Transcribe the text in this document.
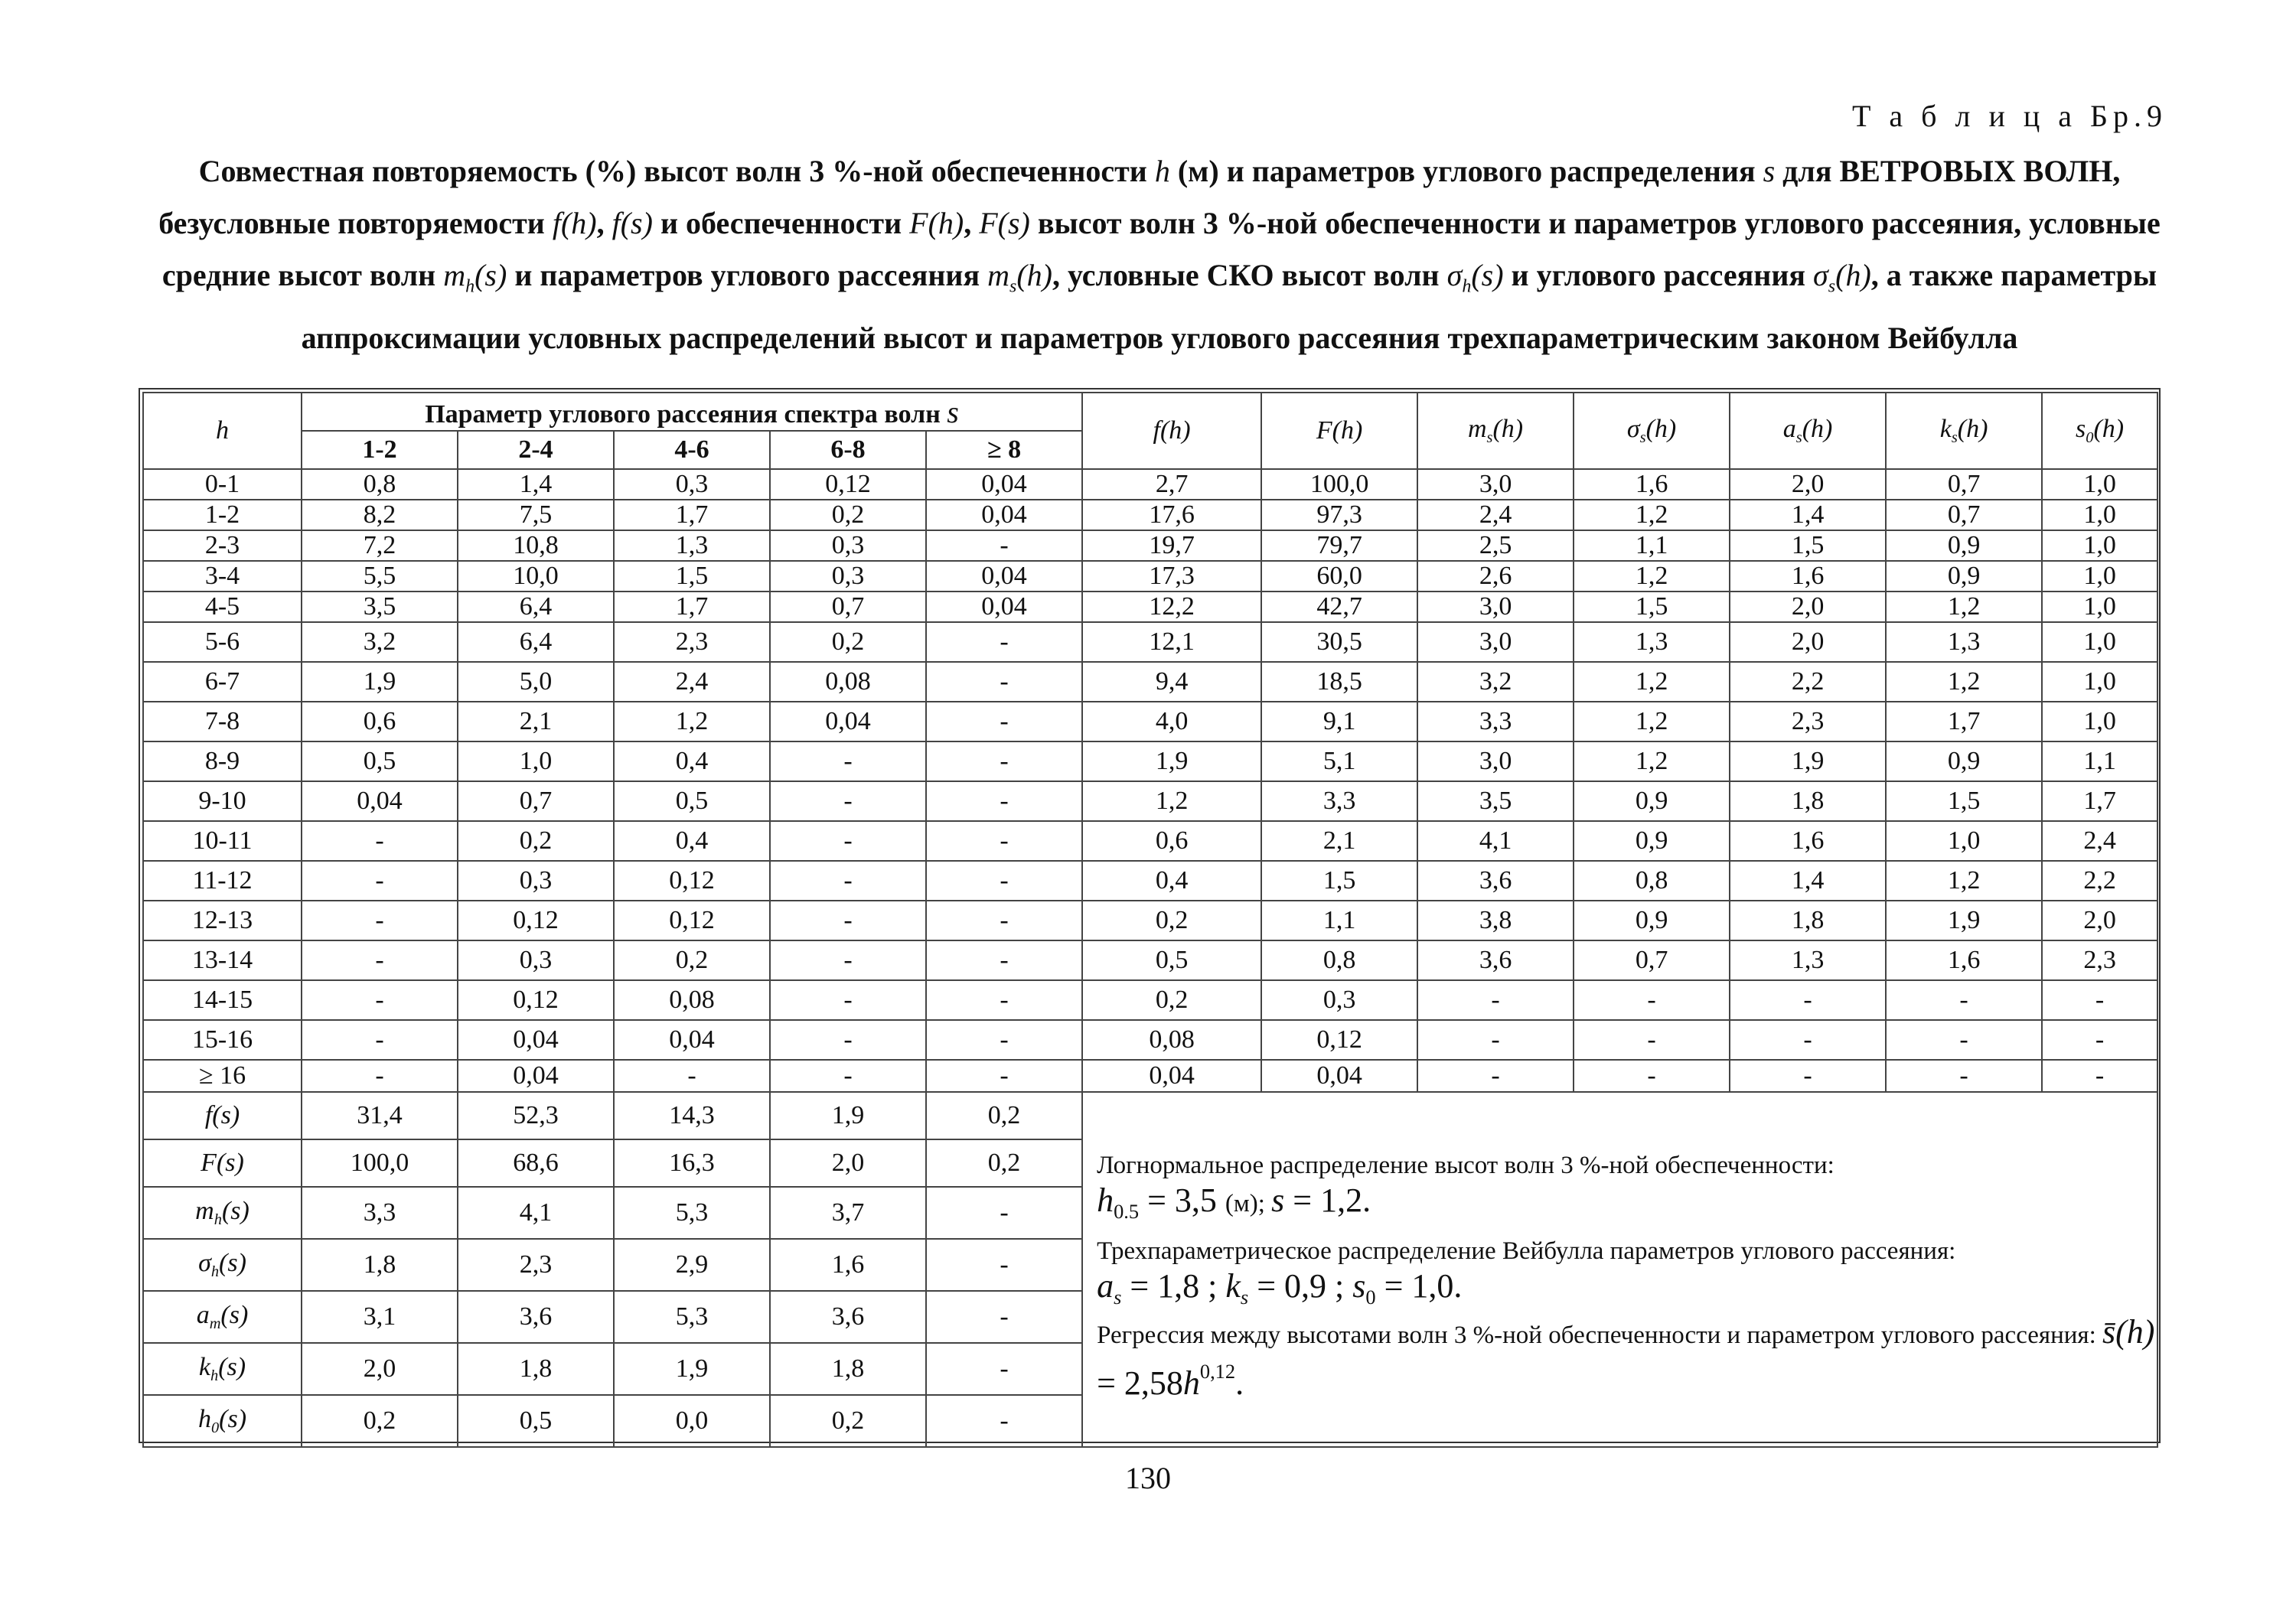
Т а б л и ц а Бр.9
Совместная повторяемость (%) высот волн 3 %-ной обеспеченности h (м) и параметров углового распределения s для ВЕТРОВЫХ ВОЛН, безусловные повторяемости f(h), f(s) и обеспеченности F(h), F(s) высот волн 3 %-ной обеспеченности и параметров углового рассеяния, условные средние высот волн $m_h(s)$ и параметров углового рассеяния $m_s(h)$, условные СКО высот волн $\sigma_h(s)$ и углового рассеяния $\sigma_s(h)$, а также параметры аппроксимации условных распределений высот и параметров углового рассеяния трехпараметрическим законом Вейбулла
h	Параметр углового рассеяния спектра волн s					f(h)	F(h)	$m_s(h)$	$\sigma_s(h)$	$a_s(h)$	$k_s(h)$	$s_0(h)$
	1-2	2-4	4-6	6-8	≥ 8							
0-1	0,8	1,4	0,3	0,12	0,04	2,7	100,0	3,0	1,6	2,0	0,7	1,0
1-2	8,2	7,5	1,7	0,2	0,04	17,6	97,3	2,4	1,2	1,4	0,7	1,0
2-3	7,2	10,8	1,3	0,3	-	19,7	79,7	2,5	1,1	1,5	0,9	1,0
3-4	5,5	10,0	1,5	0,3	0,04	17,3	60,0	2,6	1,2	1,6	0,9	1,0
4-5	3,5	6,4	1,7	0,7	0,04	12,2	42,7	3,0	1,5	2,0	1,2	1,0
5-6	3,2	6,4	2,3	0,2	-	12,1	30,5	3,0	1,3	2,0	1,3	1,0
6-7	1,9	5,0	2,4	0,08	-	9,4	18,5	3,2	1,2	2,2	1,2	1,0
7-8	0,6	2,1	1,2	0,04	-	4,0	9,1	3,3	1,2	2,3	1,7	1,0
8-9	0,5	1,0	0,4	-	-	1,9	5,1	3,0	1,2	1,9	0,9	1,1
9-10	0,04	0,7	0,5	-	-	1,2	3,3	3,5	0,9	1,8	1,5	1,7
10-11	-	0,2	0,4	-	-	0,6	2,1	4,1	0,9	1,6	1,0	2,4
11-12	-	0,3	0,12	-	-	0,4	1,5	3,6	0,8	1,4	1,2	2,2
12-13	-	0,12	0,12	-	-	0,2	1,1	3,8	0,9	1,8	1,9	2,0
13-14	-	0,3	0,2	-	-	0,5	0,8	3,6	0,7	1,3	1,6	2,3
14-15	-	0,12	0,08	-	-	0,2	0,3	-	-	-	-	-
15-16	-	0,04	0,04	-	-	0,08	0,12	-	-	-	-	-
≥ 16	-	0,04	-	-	-	0,04	0,04	-	-	-	-	-
f(s)	31,4	52,3	14,3	1,9	0,2	Логнормальное распределение высот волн 3 %-ной обеспеченности:
$h_{0.5} = 3,5$ (м); s = 1,2.
Трехпараметрическое распределение Вейбулла параметров углового рассеяния:
$a_s = 1,8$ ; $k_s = 0,9$ ; $s_0 = 1,0$.
Регрессия между высотами волн 3 %-ной обеспеченности и параметром углового рассеяния: s̄(h) = $2,58h^{0,12}$.						

F(s)	100,0	68,6	16,3	2,0	0,2							
$m_h(s)$	3,3	4,1	5,3	3,7	-							
$\sigma_h(s)$	1,8	2,3	2,9	1,6	-							
$a_т(s)$	3,1	3,6	5,3	3,6	-							
$k_h(s)$	2,0	1,8	1,9	1,8	-							
$h_0(s)$	0,2	0,5	0,0	0,2	-							
130
